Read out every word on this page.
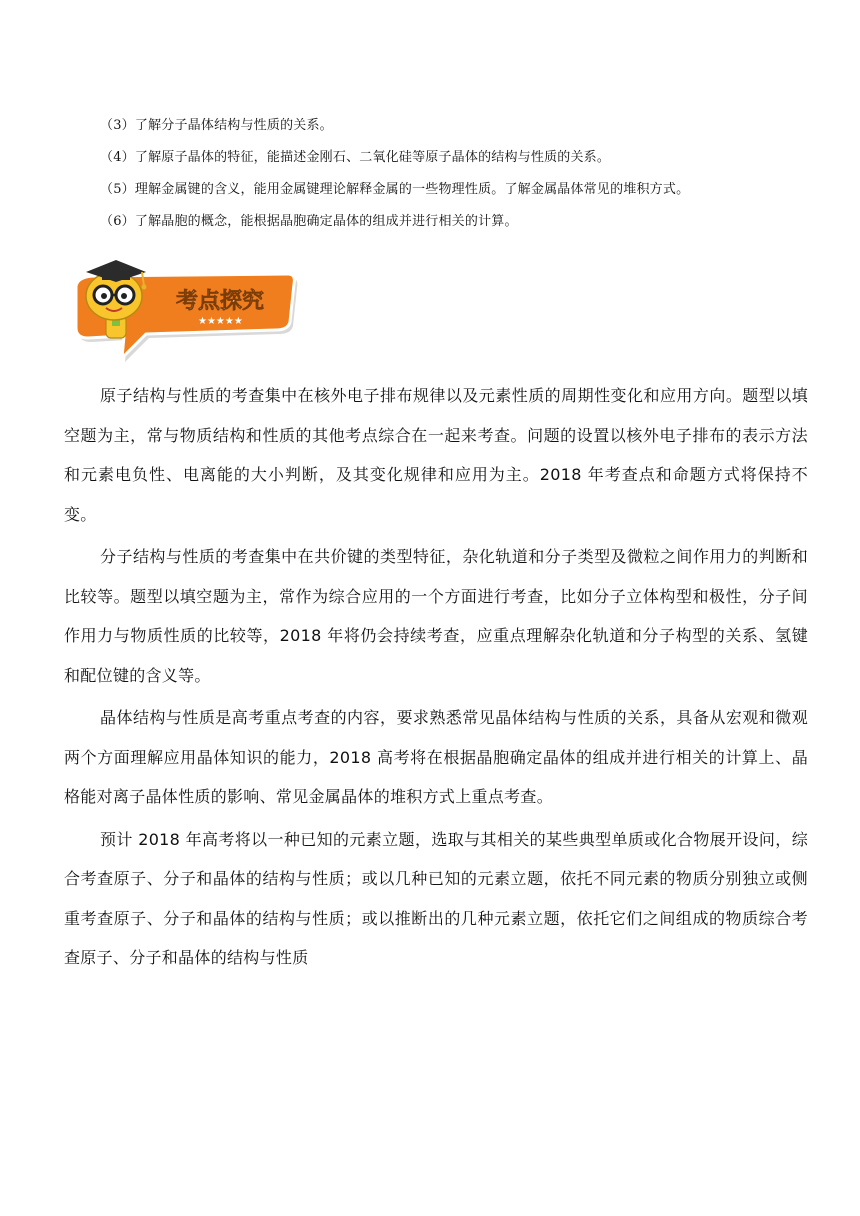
（3）了解分子晶体结构与性质的关系。
（4）了解原子晶体的特征，能描述金刚石、二氧化硅等原子晶体的结构与性质的关系。
（5）理解金属键的含义，能用金属键理论解释金属的一些物理性质。了解金属晶体常见的堆积方式。
（6）了解晶胞的概念，能根据晶胞确定晶体的组成并进行相关的计算。
考点探究
★★★★★

原子结构与性质的考查集中在核外电子排布规律以及元素性质的周期性变化和应用方向。题型以填空题为主，常与物质结构和性质的其他考点综合在一起来考查。问题的设置以核外电子排布的表示方法和元素电负性、电离能的大小判断，及其变化规律和应用为主。2018 年考查点和命题方式将保持不变。

分子结构与性质的考查集中在共价键的类型特征，杂化轨道和分子类型及微粒之间作用力的判断和比较等。题型以填空题为主，常作为综合应用的一个方面进行考查，比如分子立体构型和极性，分子间作用力与物质性质的比较等，2018 年将仍会持续考查，应重点理解杂化轨道和分子构型的关系、氢键和配位键的含义等。

晶体结构与性质是高考重点考查的内容，要求熟悉常见晶体结构与性质的关系，具备从宏观和微观两个方面理解应用晶体知识的能力，2018 高考将在根据晶胞确定晶体的组成并进行相关的计算上、晶格能对离子晶体性质的影响、常见金属晶体的堆积方式上重点考查。

预计 2018 年高考将以一种已知的元素立题，选取与其相关的某些典型单质或化合物展开设问，综合考查原子、分子和晶体的结构与性质；或以几种已知的元素立题，依托不同元素的物质分别独立或侧重考查原子、分子和晶体的结构与性质；或以推断出的几种元素立题，依托它们之间组成的物质综合考查原子、分子和晶体的结构与性质
